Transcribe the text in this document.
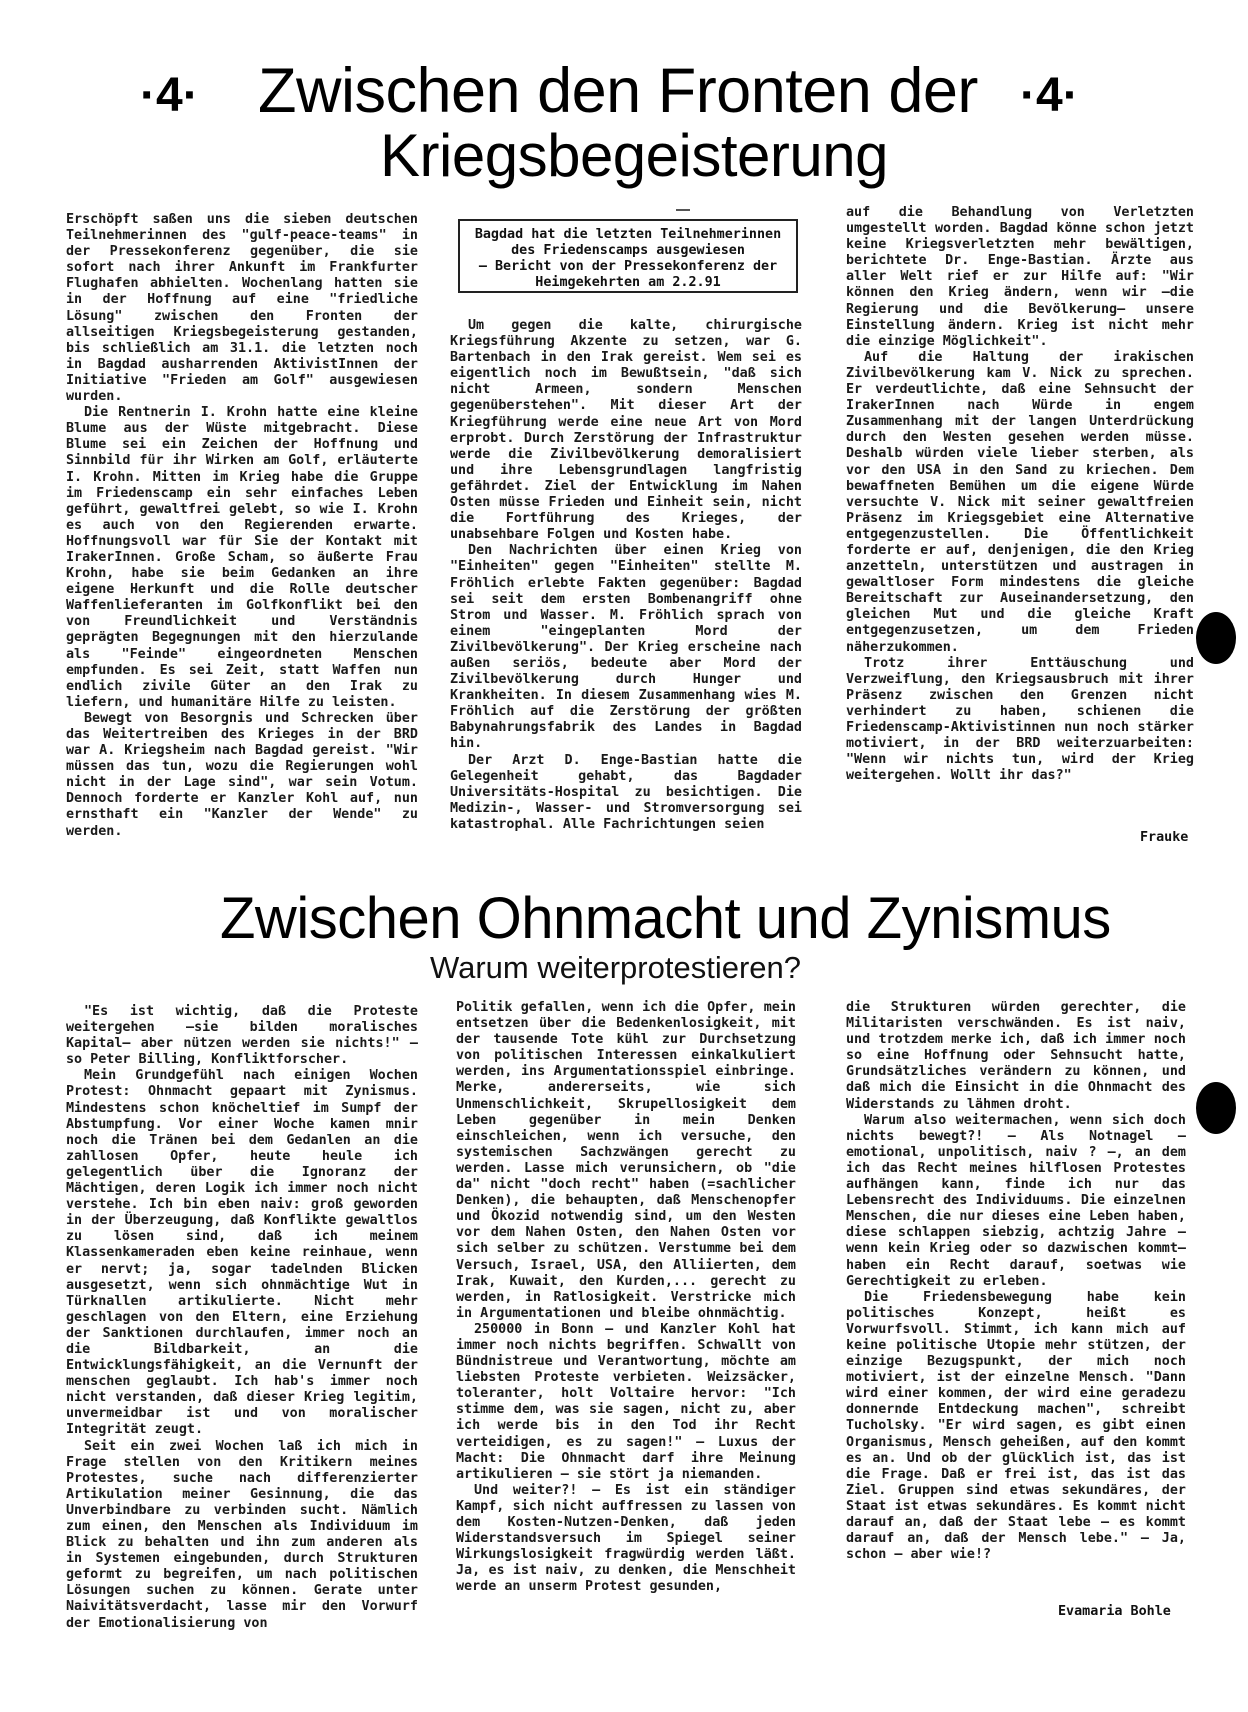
·4·	·4·
Zwischen den Fronten der
Kriegsbegeisterung

Erschöpft saßen uns die sieben deutschen Teilnehmerinnen des "gulf-peace-teams" in der Pressekonferenz gegenüber, die sie sofort nach ihrer Ankunft im Frankfurter Flughafen abhielten. Wochenlang hatten sie in der Hoffnung auf eine "friedliche Lösung" zwischen den Fronten der allseitigen Kriegsbegeisterung gestanden, bis schließlich am 31.1. die letzten noch in Bagdad ausharrenden AktivistInnen der Initiative "Frieden am Golf" ausgewiesen wurden.

Die Rentnerin I. Krohn hatte eine kleine Blume aus der Wüste mitgebracht. Diese Blume sei ein Zeichen der Hoffnung und Sinnbild für ihr Wirken am Golf, erläuterte I. Krohn. Mitten im Krieg habe die Gruppe im Friedenscamp ein sehr einfaches Leben geführt, gewaltfrei gelebt, so wie I. Krohn es auch von den Regierenden erwarte. Hoffnungsvoll war für Sie der Kontakt mit IrakerInnen. Große Scham, so äußerte Frau Krohn, habe sie beim Gedanken an ihre eigene Herkunft und die Rolle deutscher Waffenlieferanten im Golfkonflikt bei den von Freundlichkeit und Verständnis geprägten Begegnungen mit den hierzulande als "Feinde" eingeordneten Menschen empfunden. Es sei Zeit, statt Waffen nun endlich zivile Güter an den Irak zu liefern, und humanitäre Hilfe zu leisten.

Bewegt von Besorgnis und Schrecken über das Weitertreiben des Krieges in der BRD war A. Kriegsheim nach Bagdad gereist. "Wir müssen das tun, wozu die Regierungen wohl nicht in der Lage sind", war sein Votum. Dennoch forderte er Kanzler Kohl auf, nun ernsthaft ein "Kanzler der Wende" zu werden.

Bagdad hat die letzten Teilnehmerinnen
des Friedenscamps ausgewiesen
– Bericht von der Pressekonferenz der
Heimgekehrten am 2.2.91

Um gegen die kalte, chirurgische Kriegsführung Akzente zu setzen, war G. Bartenbach in den Irak gereist. Wem sei es eigentlich noch im Bewußtsein, "daß sich nicht Armeen, sondern Menschen gegenüberstehen". Mit dieser Art der Kriegführung werde eine neue Art von Mord erprobt. Durch Zerstörung der Infrastruktur werde die Zivilbevölkerung demoralisiert und ihre Lebensgrundlagen langfristig gefährdet. Ziel der Entwicklung im Nahen Osten müsse Frieden und Einheit sein, nicht die Fortführung des Krieges, der unabsehbare Folgen und Kosten habe.

Den Nachrichten über einen Krieg von "Einheiten" gegen "Einheiten" stellte M. Fröhlich erlebte Fakten gegenüber: Bagdad sei seit dem ersten Bombenangriff ohne Strom und Wasser. M. Fröhlich sprach von einem "eingeplanten Mord der Zivilbevölkerung". Der Krieg erscheine nach außen seriös, bedeute aber Mord der Zivilbevölkerung durch Hunger und Krankheiten. In diesem Zusammenhang wies M. Fröhlich auf die Zerstörung der größten Babynahrungsfabrik des Landes in Bagdad hin.

Der Arzt D. Enge-Bastian hatte die Gelegenheit gehabt, das Bagdader Universitäts-Hospital zu besichtigen. Die Medizin-, Wasser- und Stromversorgung sei katastrophal. Alle Fachrichtungen seien

auf die Behandlung von Verletzten umgestellt worden. Bagdad könne schon jetzt keine Kriegsverletzten mehr bewältigen, berichtete Dr. Enge-Bastian. Ärzte aus aller Welt rief er zur Hilfe auf: "Wir können den Krieg ändern, wenn wir –die Regierung und die Bevölkerung– unsere Einstellung ändern. Krieg ist nicht mehr die einzige Möglichkeit".

Auf die Haltung der irakischen Zivilbevölkerung kam V. Nick zu sprechen. Er verdeutlichte, daß eine Sehnsucht der IrakerInnen nach Würde in engem Zusammenhang mit der langen Unterdrückung durch den Westen gesehen werden müsse. Deshalb würden viele lieber sterben, als vor den USA in den Sand zu kriechen. Dem bewaffneten Bemühen um die eigene Würde versuchte V. Nick mit seiner gewaltfreien Präsenz im Kriegsgebiet eine Alternative entgegenzustellen. Die Öffentlichkeit forderte er auf, denjenigen, die den Krieg anzetteln, unterstützen und austragen in gewaltloser Form mindestens die gleiche Bereitschaft zur Auseinandersetzung, den gleichen Mut und die gleiche Kraft entgegenzusetzen, um dem Frieden näherzukommen.

Trotz ihrer Enttäuschung und Verzweiflung, den Kriegsausbruch mit ihrer Präsenz zwischen den Grenzen nicht verhindert zu haben, schienen die Friedenscamp-Aktivistinnen nun noch stärker motiviert, in der BRD weiterzuarbeiten: "Wenn wir nichts tun, wird der Krieg weitergehen. Wollt ihr das?"

Frauke
Zwischen Ohnmacht und Zynismus
Warum weiterprotestieren?

"Es ist wichtig, daß die Proteste weitergehen –sie bilden moralisches Kapital– aber nützen werden sie nichts!" – so Peter Billing, Konfliktforscher.

Mein Grundgefühl nach einigen Wochen Protest: Ohnmacht gepaart mit Zynismus. Mindestens schon knöcheltief im Sumpf der Abstumpfung. Vor einer Woche kamen mnir noch die Tränen bei dem Gedanlen an die zahllosen Opfer, heute heule ich gelegentlich über die Ignoranz der Mächtigen, deren Logik ich immer noch nicht verstehe. Ich bin eben naiv: groß geworden in der Überzeugung, daß Konflikte gewaltlos zu lösen sind, daß ich meinem Klassenkameraden eben keine reinhaue, wenn er nervt; ja, sogar tadelnden Blicken ausgesetzt, wenn sich ohnmächtige Wut in Türknallen artikulierte. Nicht mehr geschlagen von den Eltern, eine Erziehung der Sanktionen durchlaufen, immer noch an die Bildbarkeit, an die Entwicklungsfähigkeit, an die Vernunft der menschen geglaubt. Ich hab's immer noch nicht verstanden, daß dieser Krieg legitim, unvermeidbar ist und von moralischer Integrität zeugt.

Seit ein zwei Wochen laß ich mich in Frage stellen von den Kritikern meines Protestes, suche nach differenzierter Artikulation meiner Gesinnung, die das Unverbindbare zu verbinden sucht. Nämlich zum einen, den Menschen als Individuum im Blick zu behalten und ihn zum anderen als in Systemen eingebunden, durch Strukturen geformt zu begreifen, um nach politischen Lösungen suchen zu können. Gerate unter Naivitätsverdacht, lasse mir den Vorwurf der Emotionalisierung von

Politik gefallen, wenn ich die Opfer, mein entsetzen über die Bedenkenlosigkeit, mit der tausende Tote kühl zur Durchsetzung von politischen Interessen einkalkuliert werden, ins Argumentationsspiel einbringe. Merke, andererseits, wie sich Unmenschlichkeit, Skrupellosigkeit dem Leben gegenüber in mein Denken einschleichen, wenn ich versuche, den systemischen Sachzwängen gerecht zu werden. Lasse mich verunsichern, ob "die da" nicht "doch recht" haben (=sachlicher Denken), die behaupten, daß Menschenopfer und Ökozid notwendig sind, um den Westen vor dem Nahen Osten, den Nahen Osten vor sich selber zu schützen. Verstumme bei dem Versuch, Israel, USA, den Alliierten, dem Irak, Kuwait, den Kurden,... gerecht zu werden, in Ratlosigkeit. Verstricke mich in Argumentationen und bleibe ohnmächtig.

250000 in Bonn – und Kanzler Kohl hat immer noch nichts begriffen. Schwallt von Bündnistreue und Verantwortung, möchte am liebsten Proteste verbieten. Weizsäcker, toleranter, holt Voltaire hervor: "Ich stimme dem, was sie sagen, nicht zu, aber ich werde bis in den Tod ihr Recht verteidigen, es zu sagen!" – Luxus der Macht: Die Ohnmacht darf ihre Meinung artikulieren – sie stört ja niemanden.

Und weiter?! – Es ist ein ständiger Kampf, sich nicht auffressen zu lassen von dem Kosten-Nutzen-Denken, daß jeden Widerstandsversuch im Spiegel seiner Wirkungslosigkeit fragwürdig werden läßt. Ja, es ist naiv, zu denken, die Menschheit werde an unserm Protest gesunden,

die Strukturen würden gerechter, die Militaristen verschwänden. Es ist naiv, und trotzdem merke ich, daß ich immer noch so eine Hoffnung oder Sehnsucht hatte, Grundsätzliches verändern zu können, und daß mich die Einsicht in die Ohnmacht des Widerstands zu lähmen droht.

Warum also weitermachen, wenn sich doch nichts bewegt?! – Als Notnagel – emotional, unpolitisch, naiv ? –, an dem ich das Recht meines hilflosen Protestes aufhängen kann, finde ich nur das Lebensrecht des Individuums. Die einzelnen Menschen, die nur dieses eine Leben haben, diese schlappen siebzig, achtzig Jahre –wenn kein Krieg oder so dazwischen kommt– haben ein Recht darauf, soetwas wie Gerechtigkeit zu erleben.

Die Friedensbewegung habe kein politisches Konzept, heißt es Vorwurfsvoll. Stimmt, ich kann mich auf keine politische Utopie mehr stützen, der einzige Bezugspunkt, der mich noch motiviert, ist der einzelne Mensch. "Dann wird einer kommen, der wird eine geradezu donnernde Entdeckung machen", schreibt Tucholsky. "Er wird sagen, es gibt einen Organismus, Mensch geheißen, auf den kommt es an. Und ob der glücklich ist, das ist die Frage. Daß er frei ist, das ist das Ziel. Gruppen sind etwas sekundäres, der Staat ist etwas sekundäres. Es kommt nicht darauf an, daß der Staat lebe – es kommt darauf an, daß der Mensch lebe." – Ja, schon – aber wie!?

Evamaria Bohle
